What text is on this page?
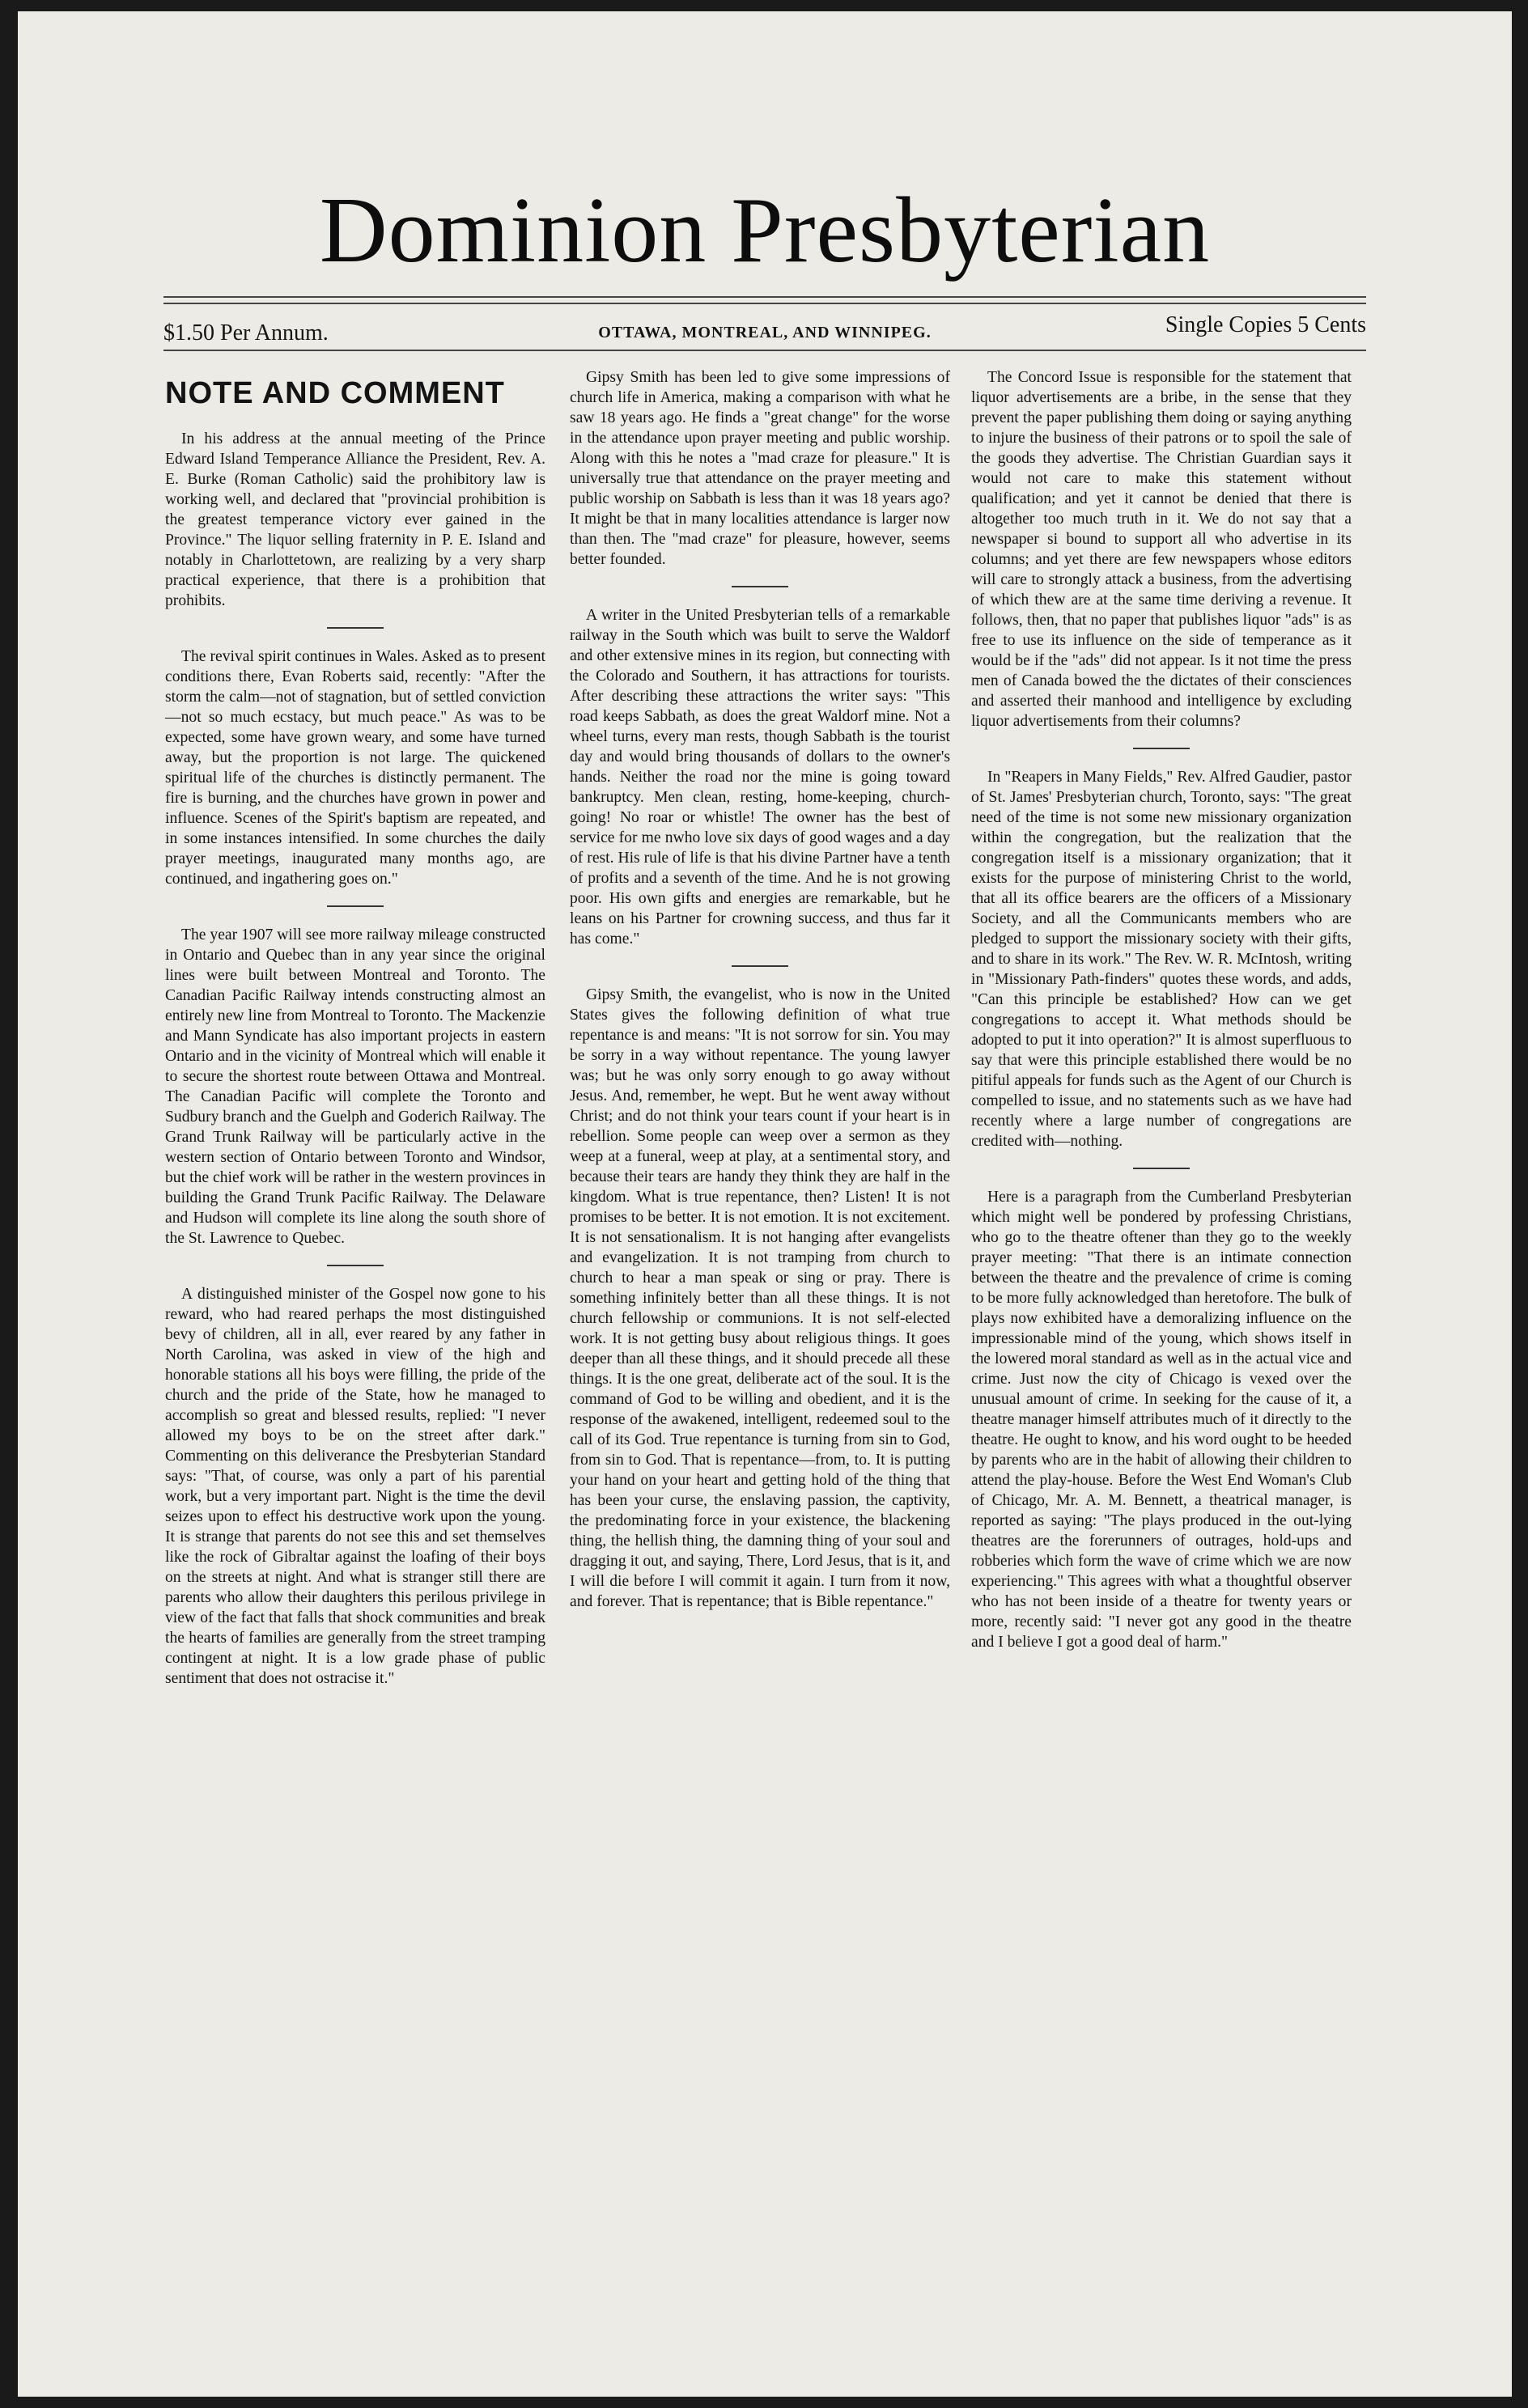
Dominion Presbyterian
$1.50 Per Annum.	OTTAWA, MONTREAL, AND WINNIPEG.	Single Copies 5 Cents
NOTE AND COMMENT

In his address at the annual meeting of the Prince Edward Island Temperance Alliance the President, Rev. A. E. Burke (Roman Catholic) said the prohibitory law is working well, and declared that "provincial prohibition is the greatest temperance victory ever gained in the Province." The liquor selling fraternity in P. E. Island and notably in Charlottetown, are realizing by a very sharp practical experience, that there is a prohibition that prohibits.

The revival spirit continues in Wales. Asked as to present conditions there, Evan Roberts said, recently: "After the storm the calm—not of stagnation, but of settled conviction—not so much ecstacy, but much peace." As was to be expected, some have grown weary, and some have turned away, but the proportion is not large. The quickened spiritual life of the churches is distinctly permanent. The fire is burning, and the churches have grown in power and influence. Scenes of the Spirit's baptism are repeated, and in some instances intensified. In some churches the daily prayer meetings, inaugurated many months ago, are continued, and ingathering goes on."

The year 1907 will see more railway mileage constructed in Ontario and Quebec than in any year since the original lines were built between Montreal and Toronto. The Canadian Pacific Railway intends constructing almost an entirely new line from Montreal to Toronto. The Mackenzie and Mann Syndicate has also important projects in eastern Ontario and in the vicinity of Montreal which will enable it to secure the shortest route between Ottawa and Montreal. The Canadian Pacific will complete the Toronto and Sudbury branch and the Guelph and Goderich Railway. The Grand Trunk Railway will be particularly active in the western section of Ontario between Toronto and Windsor, but the chief work will be rather in the western provinces in building the Grand Trunk Pacific Railway. The Delaware and Hudson will complete its line along the south shore of the St. Lawrence to Quebec.

A distinguished minister of the Gospel now gone to his reward, who had reared perhaps the most distinguished bevy of children, all in all, ever reared by any father in North Carolina, was asked in view of the high and honorable stations all his boys were filling, the pride of the church and the pride of the State, how he managed to accomplish so great and blessed results, replied: "I never allowed my boys to be on the street after dark." Commenting on this deliverance the Presbyterian Standard says: "That, of course, was only a part of his parential work, but a very important part. Night is the time the devil seizes upon to effect his destructive work upon the young. It is strange that parents do not see this and set themselves like the rock of Gibraltar against the loafing of their boys on the streets at night. And what is stranger still there are parents who allow their daughters this perilous privilege in view of the fact that falls that shock communities and break the hearts of families are generally from the street tramping contingent at night. It is a low grade phase of public sentiment that does not ostracise it."

Gipsy Smith has been led to give some impressions of church life in America, making a comparison with what he saw 18 years ago. He finds a "great change" for the worse in the attendance upon prayer meeting and public worship. Along with this he notes a "mad craze for pleasure." It is universally true that attendance on the prayer meeting and public worship on Sabbath is less than it was 18 years ago? It might be that in many localities attendance is larger now than then. The "mad craze" for pleasure, however, seems better founded.

A writer in the United Presbyterian tells of a remarkable railway in the South which was built to serve the Waldorf and other extensive mines in its region, but connecting with the Colorado and Southern, it has attractions for tourists. After describing these attractions the writer says: "This road keeps Sabbath, as does the great Waldorf mine. Not a wheel turns, every man rests, though Sabbath is the tourist day and would bring thousands of dollars to the owner's hands. Neither the road nor the mine is going toward bankruptcy. Men clean, resting, home-keeping, church-going! No roar or whistle! The owner has the best of service for me nwho love six days of good wages and a day of rest. His rule of life is that his divine Partner have a tenth of profits and a seventh of the time. And he is not growing poor. His own gifts and energies are remarkable, but he leans on his Partner for crowning success, and thus far it has come."

Gipsy Smith, the evangelist, who is now in the United States gives the following definition of what true repentance is and means: "It is not sorrow for sin. You may be sorry in a way without repentance. The young lawyer was; but he was only sorry enough to go away without Jesus. And, remember, he wept. But he went away without Christ; and do not think your tears count if your heart is in rebellion. Some people can weep over a sermon as they weep at a funeral, weep at play, at a sentimental story, and because their tears are handy they think they are half in the kingdom. What is true repentance, then? Listen! It is not promises to be better. It is not emotion. It is not excitement. It is not sensationalism. It is not hanging after evangelists and evangelization. It is not tramping from church to church to hear a man speak or sing or pray. There is something infinitely better than all these things. It is not church fellowship or communions. It is not self-elected work. It is not getting busy about religious things. It goes deeper than all these things, and it should precede all these things. It is the one great, deliberate act of the soul. It is the command of God to be willing and obedient, and it is the response of the awakened, intelligent, redeemed soul to the call of its God. True repentance is turning from sin to God, from sin to God. That is repentance—from, to. It is putting your hand on your heart and getting hold of the thing that has been your curse, the enslaving passion, the captivity, the predominating force in your existence, the blackening thing, the hellish thing, the damning thing of your soul and dragging it out, and saying, There, Lord Jesus, that is it, and I will die before I will commit it again. I turn from it now, and forever. That is repentance; that is Bible repentance."

The Concord Issue is responsible for the statement that liquor advertisements are a bribe, in the sense that they prevent the paper publishing them doing or saying anything to injure the business of their patrons or to spoil the sale of the goods they advertise. The Christian Guardian says it would not care to make this statement without qualification; and yet it cannot be denied that there is altogether too much truth in it. We do not say that a newspaper si bound to support all who advertise in its columns; and yet there are few newspapers whose editors will care to strongly attack a business, from the advertising of which thew are at the same time deriving a revenue. It follows, then, that no paper that publishes liquor "ads" is as free to use its influence on the side of temperance as it would be if the "ads" did not appear. Is it not time the press men of Canada bowed the the dictates of their consciences and asserted their manhood and intelligence by excluding liquor advertisements from their columns?

In "Reapers in Many Fields," Rev. Alfred Gaudier, pastor of St. James' Presbyterian church, Toronto, says: "The great need of the time is not some new missionary organization within the congregation, but the realization that the congregation itself is a missionary organization; that it exists for the purpose of ministering Christ to the world, that all its office bearers are the officers of a Missionary Society, and all the Communicants members who are pledged to support the missionary society with their gifts, and to share in its work." The Rev. W. R. McIntosh, writing in "Missionary Path-finders" quotes these words, and adds, "Can this principle be established? How can we get congregations to accept it. What methods should be adopted to put it into operation?" It is almost superfluous to say that were this principle established there would be no pitiful appeals for funds such as the Agent of our Church is compelled to issue, and no statements such as we have had recently where a large number of congregations are credited with—nothing.

Here is a paragraph from the Cumberland Presbyterian which might well be pondered by professing Christians, who go to the theatre oftener than they go to the weekly prayer meeting: "That there is an intimate connection between the theatre and the prevalence of crime is coming to be more fully acknowledged than heretofore. The bulk of plays now exhibited have a demoralizing influence on the impressionable mind of the young, which shows itself in the lowered moral standard as well as in the actual vice and crime. Just now the city of Chicago is vexed over the unusual amount of crime. In seeking for the cause of it, a theatre manager himself attributes much of it directly to the theatre. He ought to know, and his word ought to be heeded by parents who are in the habit of allowing their children to attend the play-house. Before the West End Woman's Club of Chicago, Mr. A. M. Bennett, a theatrical manager, is reported as saying: "The plays produced in the out-lying theatres are the forerunners of outrages, hold-ups and robberies which form the wave of crime which we are now experiencing." This agrees with what a thoughtful observer who has not been inside of a theatre for twenty years or more, recently said: "I never got any good in the theatre and I believe I got a good deal of harm."
